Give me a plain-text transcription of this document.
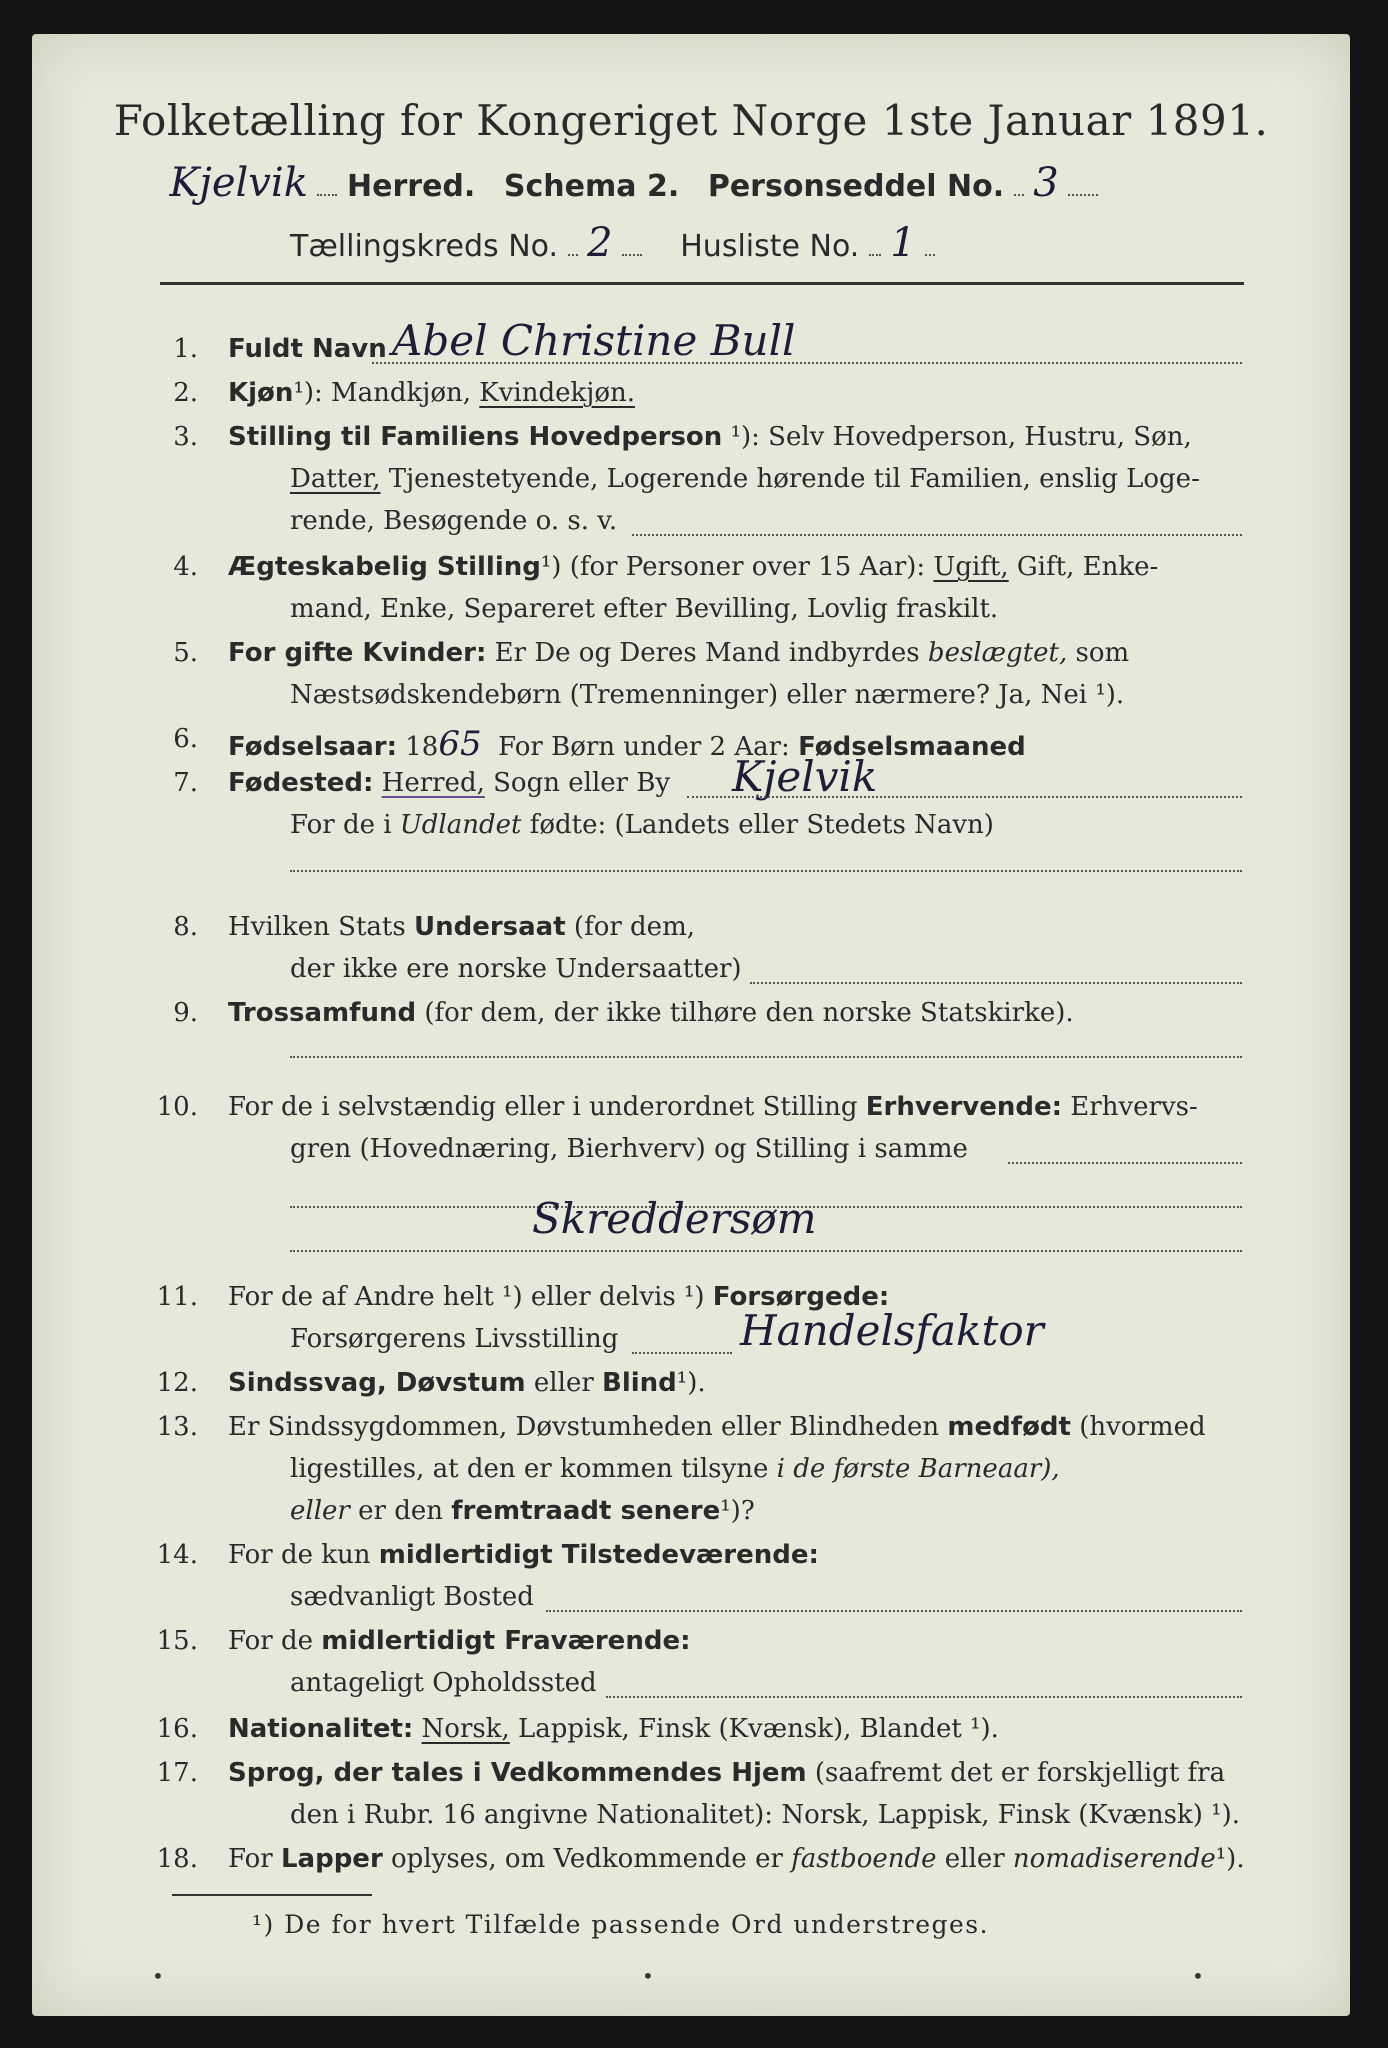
Folketælling for Kongeriget Norge 1ste Januar 1891.
Kjelvik Herred. Schema 2. Personseddel No. 3
Tællingskreds No. 2 Husliste No. 1
1. Fuldt Navn Abel Christine Bull
2. Kjøn¹): Mandkjøn, Kvindekjøn.
3. Stilling til Familiens Hovedperson ¹): Selv Hovedperson, Hustru, Søn,
Datter, Tjenestetyende, Logerende hørende til Familien, enslig Loge-
rende, Besøgende o. s. v.
4. Ægteskabelig Stilling¹) (for Personer over 15 Aar): Ugift, Gift, Enke-
mand, Enke, Separeret efter Bevilling, Lovlig fraskilt.
5. For gifte Kvinder: Er De og Deres Mand indbyrdes beslægtet, som
Næstsødskendebørn (Tremenninger) eller nærmere? Ja, Nei ¹).
6. Fødselsaar: 1865 For Børn under 2 Aar: Fødselsmaaned
7. Fødested: Herred, Sogn eller By Kjelvik
For de i Udlandet fødte: (Landets eller Stedets Navn)
8. Hvilken Stats Undersaat (for dem,
der ikke ere norske Undersaatter)
9. Trossamfund (for dem, der ikke tilhøre den norske Statskirke).
10. For de i selvstændig eller i underordnet Stilling Erhvervende: Erhvervs-
gren (Hovednæring, Bierhverv) og Stilling i samme
Skreddersøm
11. For de af Andre helt ¹) eller delvis ¹) Forsørgede:
Forsørgerens Livsstilling	Handelsfaktor
12. Sindssvag, Døvstum eller Blind¹).
13. Er Sindssygdommen, Døvstumheden eller Blindheden medfødt (hvormed
ligestilles, at den er kommen tilsyne i de første Barneaar),
eller er den fremtraadt senere¹)?
14. For de kun midlertidigt Tilstedeværende:
sædvanligt Bosted
15. For de midlertidigt Fraværende:
antageligt Opholdssted
16. Nationalitet: Norsk, Lappisk, Finsk (Kvænsk), Blandet ¹).
17. Sprog, der tales i Vedkommendes Hjem (saafremt det er forskjelligt fra
den i Rubr. 16 angivne Nationalitet): Norsk, Lappisk, Finsk (Kvænsk) ¹).
18. For Lapper oplyses, om Vedkommende er fastboende eller nomadiserende¹).
¹) De for hvert Tilfælde passende Ord understreges.
•	•	•
